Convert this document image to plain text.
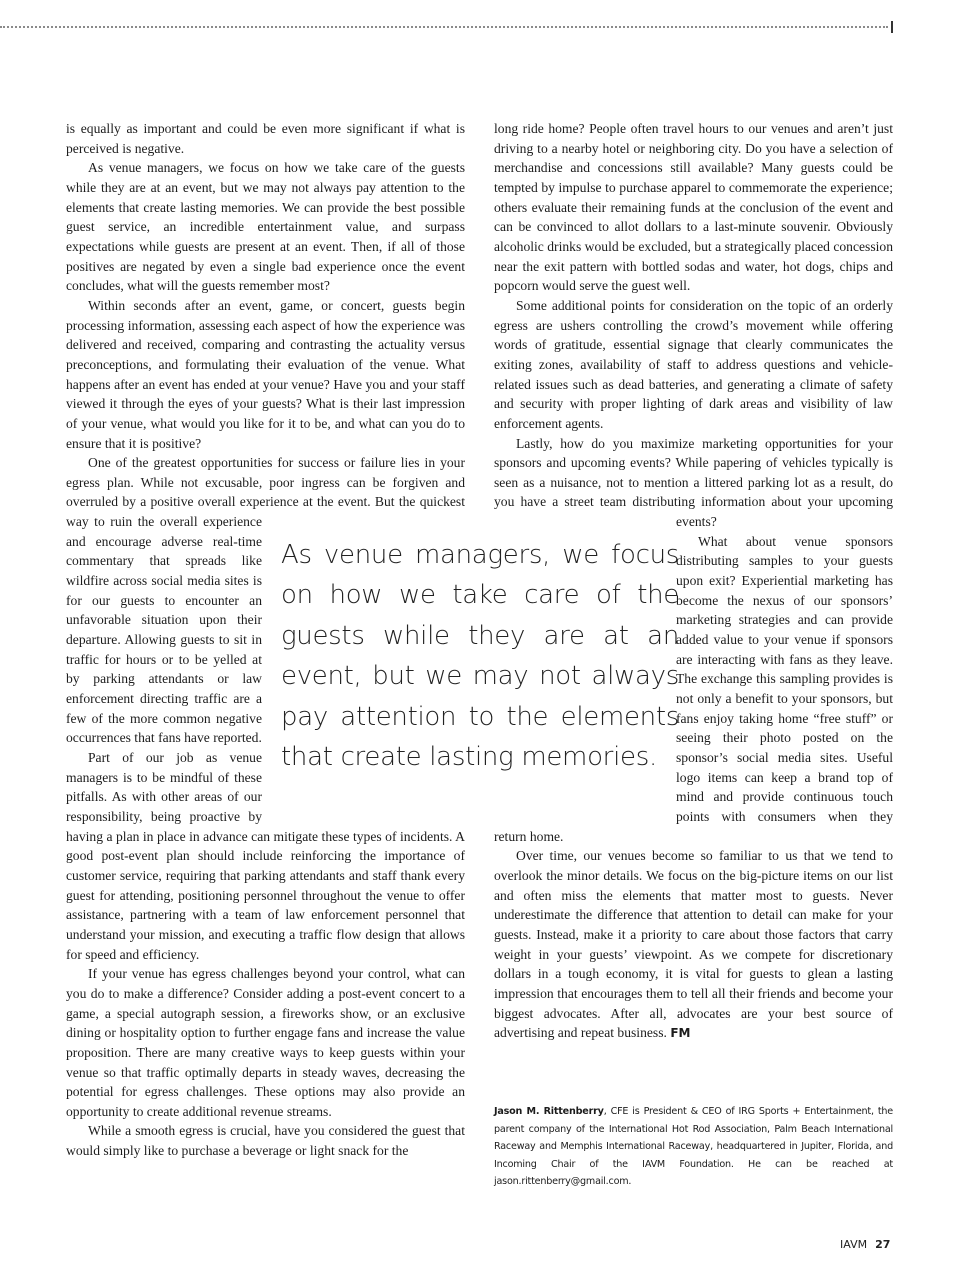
is equally as important and could be even more significant if what is perceived is negative.

As venue managers, we focus on how we take care of the guests while they are at an event, but we may not always pay attention to the elements that create lasting memories. We can provide the best possible guest service, an incredible entertainment value, and surpass expectations while guests are present at an event. Then, if all of those positives are negated by even a single bad experience once the event concludes, what will the guests remember most?

Within seconds after an event, game, or concert, guests begin processing information, assessing each aspect of how the experience was delivered and received, comparing and contrasting the actuality versus preconceptions, and formulating their evaluation of the venue. What happens after an event has ended at your venue? Have you and your staff viewed it through the eyes of your guests? What is their last impression of your venue, what would you like for it to be, and what can you do to ensure that it is positive?

One of the greatest opportunities for success or failure lies in your egress plan. While not excusable, poor ingress can be forgiven and overruled by a positive overall experience at the event. But the quickest way to ruin the overall experience and encourage adverse real-time commentary that spreads like wildfire across social media sites is for our guests to encounter an unfavorable situation upon their departure. Allowing guests to sit in traffic for hours or to be yelled at by parking attendants or law enforcement directing traffic are a few of the more common negative occurrences that fans have reported.

Part of our job as venue managers is to be mindful of these pitfalls. As with other areas of our responsibility, being proactive by having a plan in place in advance can mitigate these types of incidents. A good post-event plan should include reinforcing the importance of customer service, requiring that parking attendants and staff thank every guest for attending, positioning personnel throughout the venue to offer assistance, partnering with a team of law enforcement personnel that understand your mission, and executing a traffic flow design that allows for speed and efficiency.

If your venue has egress challenges beyond your control, what can you do to make a difference? Consider adding a post-event concert to a game, a special autograph session, a fireworks show, or an exclusive dining or hospitality option to further engage fans and increase the value proposition. There are many creative ways to keep guests within your venue so that traffic optimally departs in steady waves, decreasing the potential for egress challenges. These options may also provide an opportunity to create additional revenue streams.

While a smooth egress is crucial, have you considered the guest that would simply like to purchase a beverage or light snack for the

long ride home? People often travel hours to our venues and aren’t just driving to a nearby hotel or neighboring city. Do you have a selection of merchandise and concessions still available? Many guests could be tempted by impulse to purchase apparel to commemorate the experience; others evaluate their remaining funds at the conclusion of the event and can be convinced to allot dollars to a last-minute souvenir. Obviously alcoholic drinks would be excluded, but a strategically placed concession near the exit pattern with bottled sodas and water, hot dogs, chips and popcorn would serve the guest well.

Some additional points for consideration on the topic of an orderly egress are ushers controlling the crowd’s movement while offering words of gratitude, essential signage that clearly communicates the exiting zones, availability of staff to address questions and vehicle-related issues such as dead batteries, and generating a climate of safety and security with proper lighting of dark areas and visibility of law enforcement agents.

Lastly, how do you maximize marketing opportunities for your sponsors and upcoming events? While papering of vehicles typically is seen as a nuisance, not to mention a littered parking lot as a result, do you have a street team distributing information about your upcoming events?

What about venue sponsors distributing samples to your guests upon exit? Experiential marketing has become the nexus of our sponsors’ marketing strategies and can provide added value to your venue if sponsors are interacting with fans as they leave. The exchange this sampling provides is not only a benefit to your sponsors, but fans enjoy taking home “free stuff” or seeing their photo posted on the sponsor’s social media sites. Useful logo items can keep a brand top of mind and provide continuous touch points with consumers when they return home.

Over time, our venues become so familiar to us that we tend to overlook the minor details. We focus on the big-picture items on our list and often miss the elements that matter most to guests. Never underestimate the difference that attention to detail can make for your guests. Instead, make it a priority to care about those factors that carry weight in your guests’ viewpoint. As we compete for discretionary dollars in a tough economy, it is vital for guests to glean a lasting impression that encourages them to tell all their friends and become your biggest advocates. After all, advocates are your best source of advertising and repeat business. FM

As venue managers, we focus on how we take care of the guests while they are at an event, but we may not always pay attention to the elements that create lasting memories.
Jason M. Rittenberry, CFE is President & CEO of IRG Sports + Entertainment, the parent company of the International Hot Rod Association, Palm Beach International Raceway and Memphis International Raceway, headquartered in Jupiter, Florida, and Incoming Chair of the IAVM Foundation. He can be reached at jason.rittenberry@gmail.com.
IAVM 27
